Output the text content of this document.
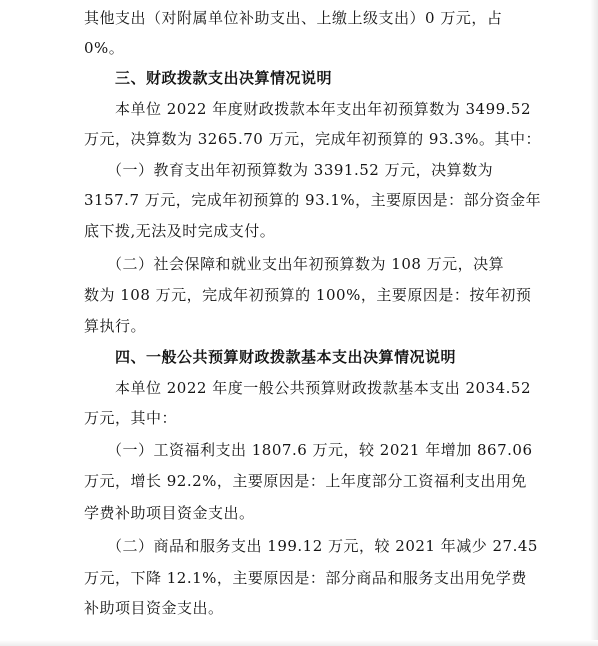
其他支出（对附属单位补助支出、上缴上级支出）0 万元，占
0%。
三、财政拨款支出决算情况说明
本单位 2022 年度财政拨款本年支出年初预算数为 3499.52
万元，决算数为 3265.70 万元，完成年初预算的 93.3%。其中：
（一）教育支出年初预算数为 3391.52 万元，决算数为
3157.7 万元，完成年初预算的 93.1%，主要原因是：部分资金年
底下拨,无法及时完成支付。
（二）社会保障和就业支出年初预算数为 108 万元，决算
数为 108 万元，完成年初预算的 100%，主要原因是：按年初预
算执行。
四、一般公共预算财政拨款基本支出决算情况说明
本单位 2022 年度一般公共预算财政拨款基本支出 2034.52
万元，其中：
（一）工资福利支出 1807.6 万元，较 2021 年增加 867.06
万元，增长 92.2%，主要原因是：上年度部分工资福利支出用免
学费补助项目资金支出。
（二）商品和服务支出 199.12 万元，较 2021 年减少 27.45
万元，下降 12.1%，主要原因是：部分商品和服务支出用免学费
补助项目资金支出。
